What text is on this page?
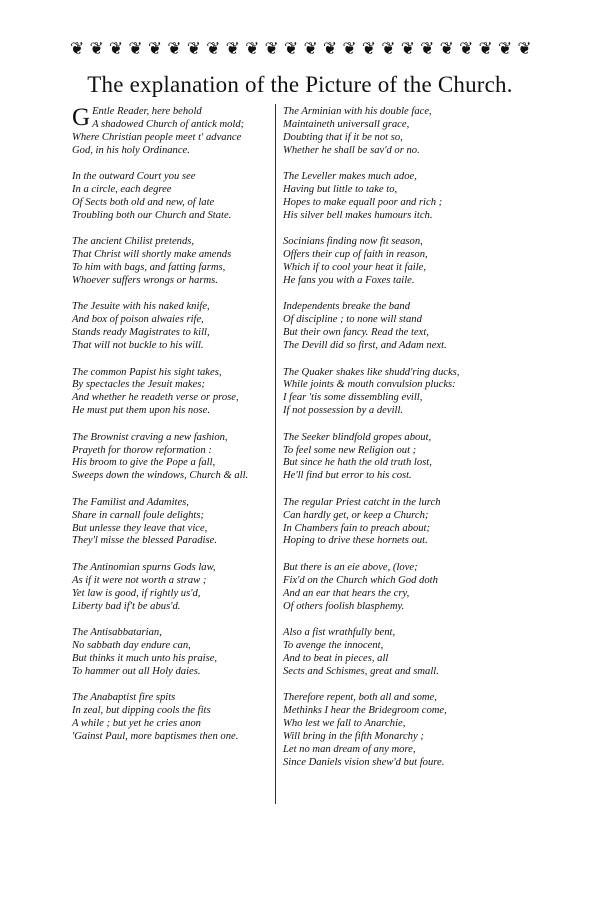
❦ ❦ ❦ ❦ ❦ ❦ ❦ ❦ ❦ ❦ ❦ ❦ ❦ ❦ ❦ ❦ ❦ ❦ ❦ ❦ ❦ ❦ ❦ ❦
The explanation of the Picture of the Church.
G Entle Reader, here behold
A shadowed Church of antick mold;
Where Christian people meet t' advance
God, in his holy Ordinance.
In the outward Court you see
In a circle, each degree
Of Sects both old and new, of late
Troubling both our Church and State.
The ancient Chilist pretends,
That Christ will shortly make amends
To him with bags, and fatting farms,
Whoever suffers wrongs or harms.
The Jesuite with his naked knife,
And box of poison alwaies rife,
Stands ready Magistrates to kill,
That will not buckle to his will.
The common Papist his sight takes,
By spectacles the Jesuit makes;
And whether he readeth verse or prose,
He must put them upon his nose.
The Brownist craving a new fashion,
Prayeth for thorow reformation :
His broom to give the Pope a fall,
Sweeps down the windows, Church & all.
The Familist and Adamites,
Share in carnall foule delights;
But unlesse they leave that vice,
They'l misse the blessed Paradise.
The Antinomian spurns Gods law,
As if it were not worth a straw ;
Yet law is good, if rightly us'd,
Liberty bad if't be abus'd.
The Antisabbatarian,
No sabbath day endure can,
But thinks it much unto his praise,
To hammer out all Holy daies.
The Anabaptist fire spits
In zeal, but dipping cools the fits
A while ; but yet he cries anon
'Gainst Paul, more baptismes then one.
The Arminian with his double face,
Maintaineth universall grace,
Doubting that if it be not so,
Whether he shall be sav'd or no.
The Leveller makes much adoe,
Having but little to take to,
Hopes to make equall poor and rich ;
His silver bell makes humours itch.
Socinians finding now fit season,
Offers their cup of faith in reason,
Which if to cool your heat it faile,
He fans you with a Foxes taile.
Independents breake the band
Of discipline ; to none will stand
But their own fancy. Read the text,
The Devill did so first, and Adam next.
The Quaker shakes like shudd'ring ducks,
While joints & mouth convulsion plucks:
I fear 'tis some dissembling evill,
If not possession by a devill.
The Seeker blindfold gropes about,
To feel some new Religion out ;
But since he hath the old truth lost,
He'll find but error to his cost.
The regular Priest catcht in the lurch
Can hardly get, or keep a Church;
In Chambers fain to preach about;
Hoping to drive these hornets out.
But there is an eie above, (love;
Fix'd on the Church which God doth
And an ear that hears the cry,
Of others foolish blasphemy.
Also a fist wrathfully bent,
To avenge the innocent,
And to beat in pieces, all
Sects and Schismes, great and small.
Therefore repent, both all and some,
Methinks I hear the Bridegroom come,
Who lest we fall to Anarchie,
Will bring in the fifth Monarchy ;
Let no man dream of any more,
Since Daniels vision shew'd but foure.
